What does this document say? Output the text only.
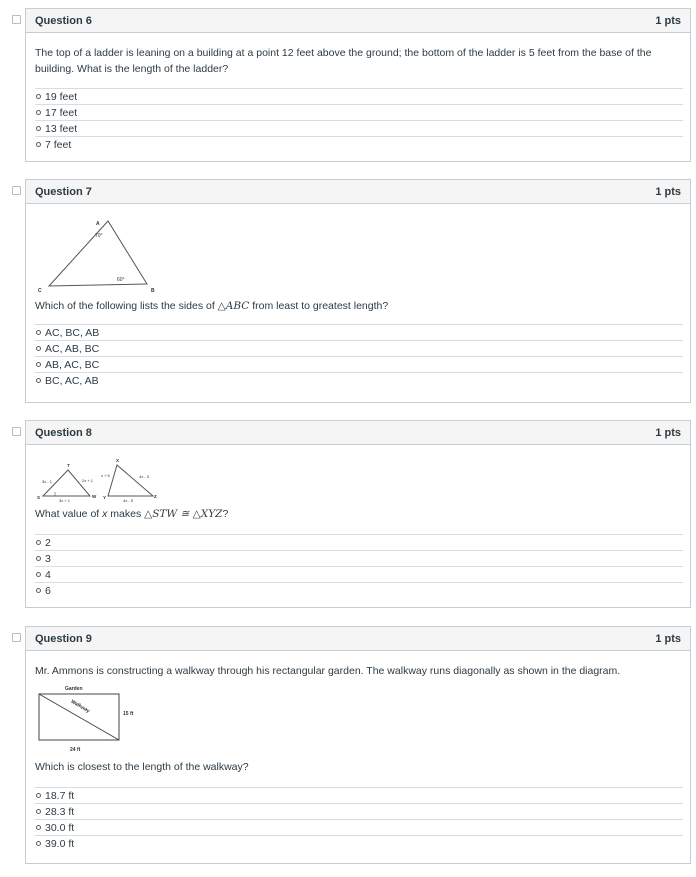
Question 6	1 pts
The top of a ladder is leaning on a building at a point 12 feet above the ground; the bottom of the ladder is 5 feet from the base of the building. What is the length of the ladder?
19 feet
17 feet
13 feet
7 feet
Question 7	1 pts
A
B
C
70°
60°
Which of the following lists the sides of △ABC from least to greatest length?
AC, BC, AB
AC, AB, BC
AB, AC, BC
BC, AC, AB
Question 8	1 pts
T
S	W
3x - 1	2x + 1
3x + 1
X
Y	Z
x + 5	4x - 3
4x - 5
What value of x makes △STW ≅ △XYZ?
2
3
4
6
Question 9	1 pts
Mr. Ammons is constructing a walkway through his rectangular garden. The walkway runs diagonally as shown in the diagram.
Garden
Walkway	15 ft
24 ft
Which is closest to the length of the walkway?
18.7 ft
28.3 ft
30.0 ft
39.0 ft
